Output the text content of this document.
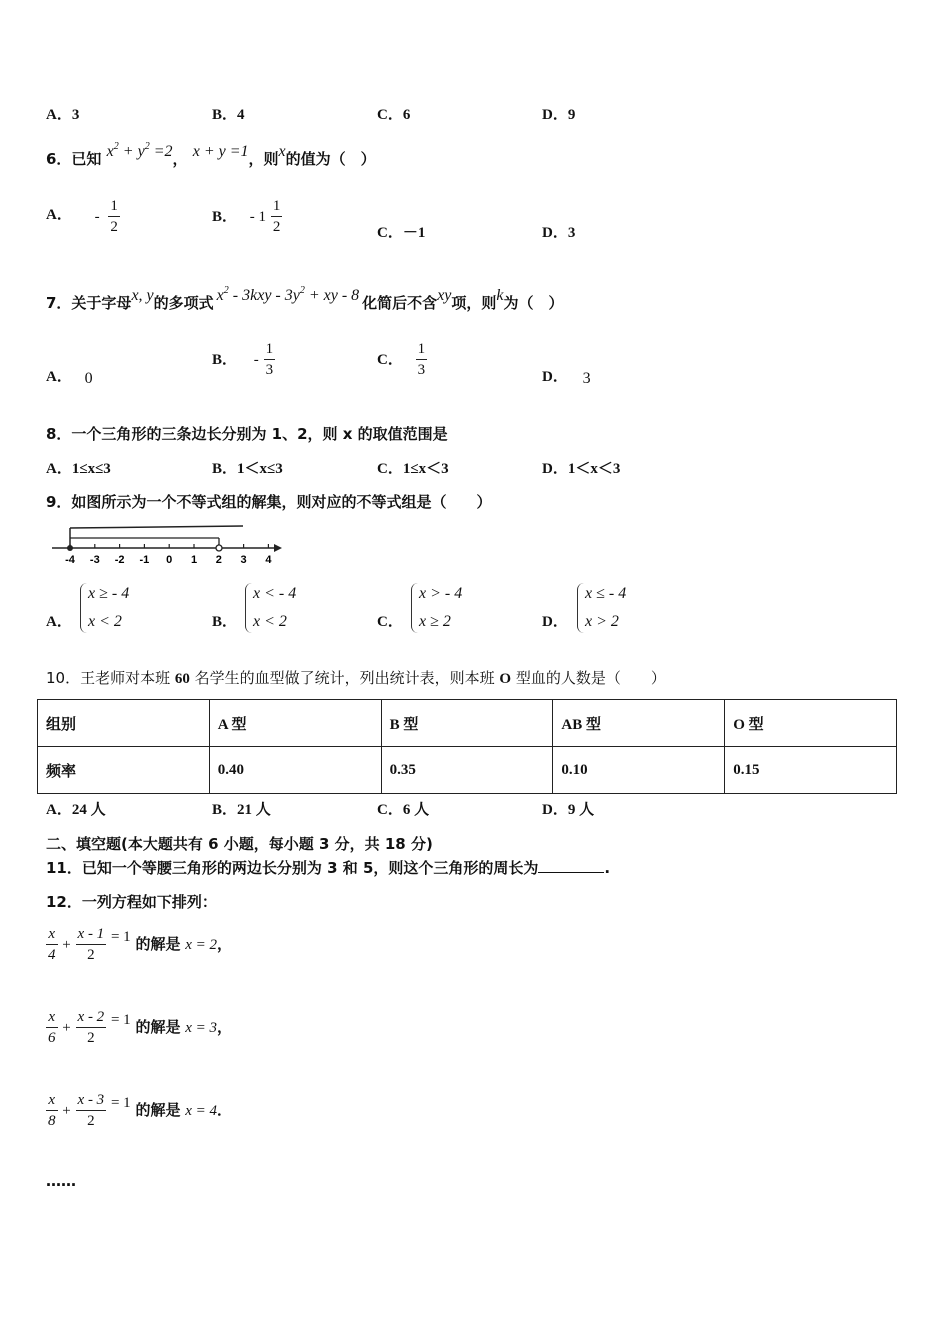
A．3	B．4	C．6	D．9
6．已知 $x^2 + y^2 =2$， x + y =1，则x的值为（　）
A． - $\frac{1}{2}$	B． - $1 \frac{1}{2}$	C．－1	D．3
7．关于字母x, y的多项式 $x^2 - 3kxy - 3y^2$ + xy - 8 化简后不含xy项，则k为（　）
A． 0
B． - $\frac{1}{3}$	C． $\frac{1}{3}$	D． 3
8．一个三角形的三条边长分别为 1、2，则 x 的取值范围是
A．1≤x≤3	B．1＜x≤3	C．1≤x＜3	D．1＜x＜3
9．如图所示为一个不等式组的解集，则对应的不等式组是（　　）
-4 -3 -2 -1 0 1 2 3 4
A．
x ≥ - 4
x < 2	B．
x < - 4
x < 2	C．
x > - 4
x ≥ 2	D．
x ≤ - 4
x > 2
10．王老师对本班 60 名学生的血型做了统计，列出统计表，则本班 O 型血的人数是（　　）
组别	A 型	B 型	AB 型	O 型
频率	0.40	0.35	0.10	0.15
A．24 人	B．21 人	C．6 人	D．9 人
二、填空题(本大题共有 6 小题，每小题 3 分，共 18 分)
11．已知一个等腰三角形的两边长分别为 3 和 5，则这个三角形的周长为	.
12．一列方程如下排列：
$\frac{x}{4} + \frac{x - 1}{2} = 1$ 的解是 x = 2，
$\frac{x}{6} + \frac{x - 2}{2} = 1$ 的解是 x = 3，
$\frac{x}{8} + \frac{x - 3}{2} = 1$ 的解是 x = 4．
……
